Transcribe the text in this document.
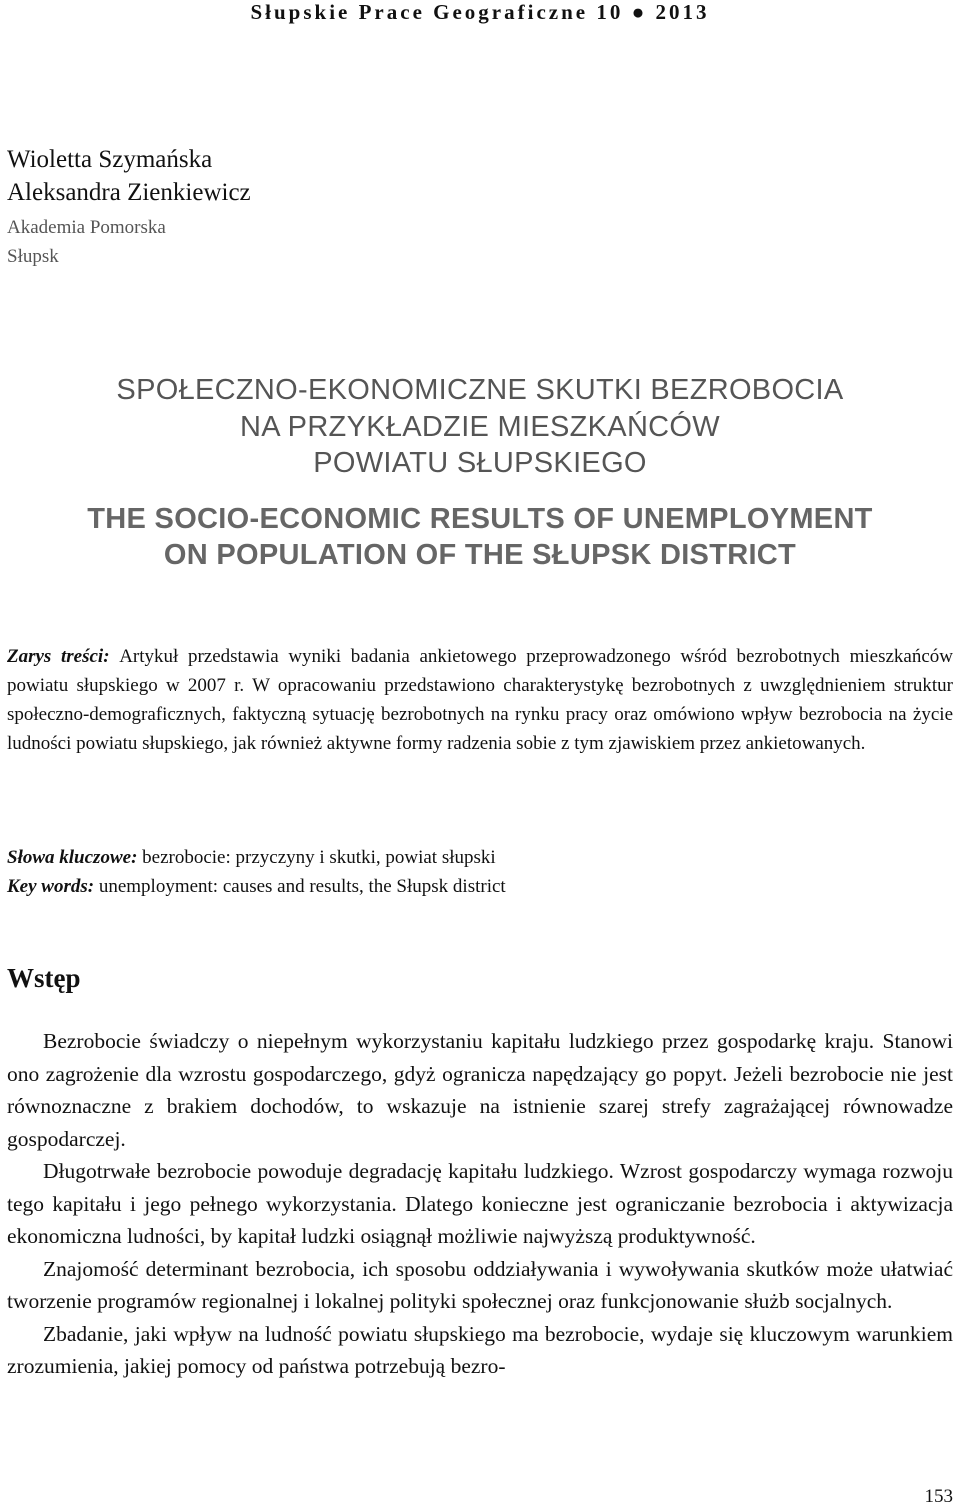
Słupskie Prace Geograficzne 10 ● 2013
Wioletta Szymańska
Aleksandra Zienkiewicz
Akademia Pomorska
Słupsk
SPOŁECZNO-EKONOMICZNE SKUTKI BEZROBOCIA
NA PRZYKŁADZIE MIESZKAŃCÓW
POWIATU SŁUPSKIEGO
THE SOCIO-ECONOMIC RESULTS OF UNEMPLOYMENT
ON POPULATION OF THE SŁUPSK DISTRICT
Zarys treści: Artykuł przedstawia wyniki badania ankietowego przeprowadzonego wśród bezrobotnych mieszkańców powiatu słupskiego w 2007 r. W opracowaniu przedstawiono charakterystykę bezrobotnych z uwzględnieniem struktur społeczno-demograficznych, faktyczną sytuację bezrobotnych na rynku pracy oraz omówiono wpływ bezrobocia na życie ludności powiatu słupskiego, jak również aktywne formy radzenia sobie z tym zjawiskiem przez ankietowanych.
Słowa kluczowe: bezrobocie: przyczyny i skutki, powiat słupski
Key words: unemployment: causes and results, the Słupsk district
Wstęp

Bezrobocie świadczy o niepełnym wykorzystaniu kapitału ludzkiego przez gospodarkę kraju. Stanowi ono zagrożenie dla wzrostu gospodarczego, gdyż ogranicza napędzający go popyt. Jeżeli bezrobocie nie jest równoznaczne z brakiem dochodów, to wskazuje na istnienie szarej strefy zagrażającej równowadze gospodarczej.

Długotrwałe bezrobocie powoduje degradację kapitału ludzkiego. Wzrost gospodarczy wymaga rozwoju tego kapitału i jego pełnego wykorzystania. Dlatego konieczne jest ograniczanie bezrobocia i aktywizacja ekonomiczna ludności, by kapitał ludzki osiągnął możliwie najwyższą produktywność.

Znajomość determinant bezrobocia, ich sposobu oddziaływania i wywoływania skutków może ułatwiać tworzenie programów regionalnej i lokalnej polityki społecznej oraz funkcjonowanie służb socjalnych.

Zbadanie, jaki wpływ na ludność powiatu słupskiego ma bezrobocie, wydaje się kluczowym warunkiem zrozumienia, jakiej pomocy od państwa potrzebują bezro-

153
